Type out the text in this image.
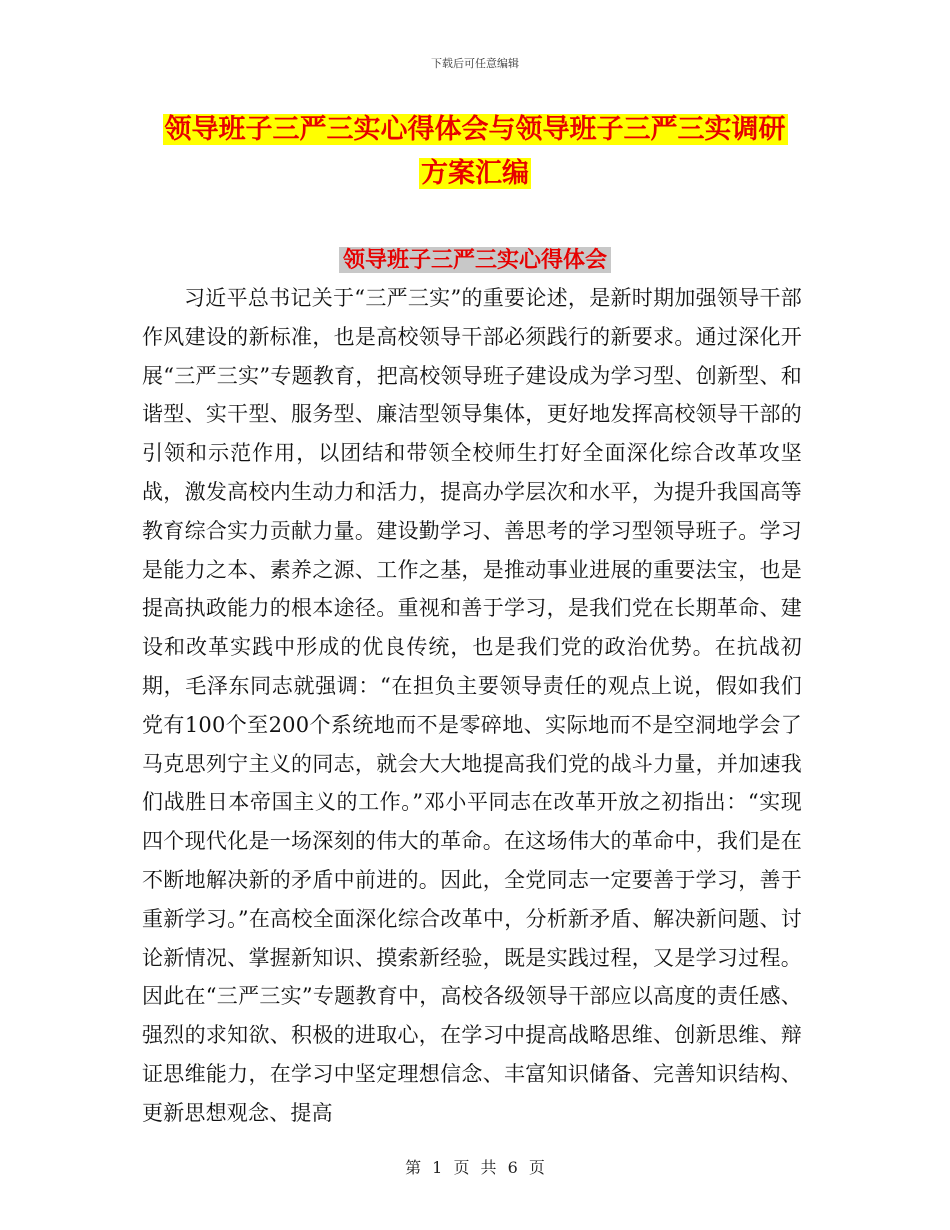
下载后可任意编辑
领导班子三严三实心得体会与领导班子三严三实调研
方案汇编
领导班子三严三实心得体会

习近平总书记关于“三严三实”的重要论述，是新时期加强领导干部作风建设的新标准，也是高校领导干部必须践行的新要求。通过深化开展“三严三实”专题教育，把高校领导班子建设成为学习型、创新型、和谐型、实干型、服务型、廉洁型领导集体，更好地发挥高校领导干部的引领和示范作用，以团结和带领全校师生打好全面深化综合改革攻坚战，激发高校内生动力和活力，提高办学层次和水平，为提升我国高等教育综合实力贡献力量。建设勤学习、善思考的学习型领导班子。学习是能力之本、素养之源、工作之基，是推动事业进展的重要法宝，也是提高执政能力的根本途径。重视和善于学习，是我们党在长期革命、建设和改革实践中形成的优良传统，也是我们党的政治优势。在抗战初期，毛泽东同志就强调：“在担负主要领导责任的观点上说，假如我们党有100个至200个系统地而不是零碎地、实际地而不是空洞地学会了马克思列宁主义的同志，就会大大地提高我们党的战斗力量，并加速我们战胜日本帝国主义的工作。”邓小平同志在改革开放之初指出：“实现四个现代化是一场深刻的伟大的革命。在这场伟大的革命中，我们是在不断地解决新的矛盾中前进的。因此，全党同志一定要善于学习，善于重新学习。”在高校全面深化综合改革中，分析新矛盾、解决新问题、讨论新情况、掌握新知识、摸索新经验，既是实践过程，又是学习过程。因此在“三严三实”专题教育中，高校各级领导干部应以高度的责任感、强烈的求知欲、积极的进取心，在学习中提高战略思维、创新思维、辩证思维能力，在学习中坚定理想信念、丰富知识储备、完善知识结构、更新思想观念、提高

第 1 页 共 6 页
